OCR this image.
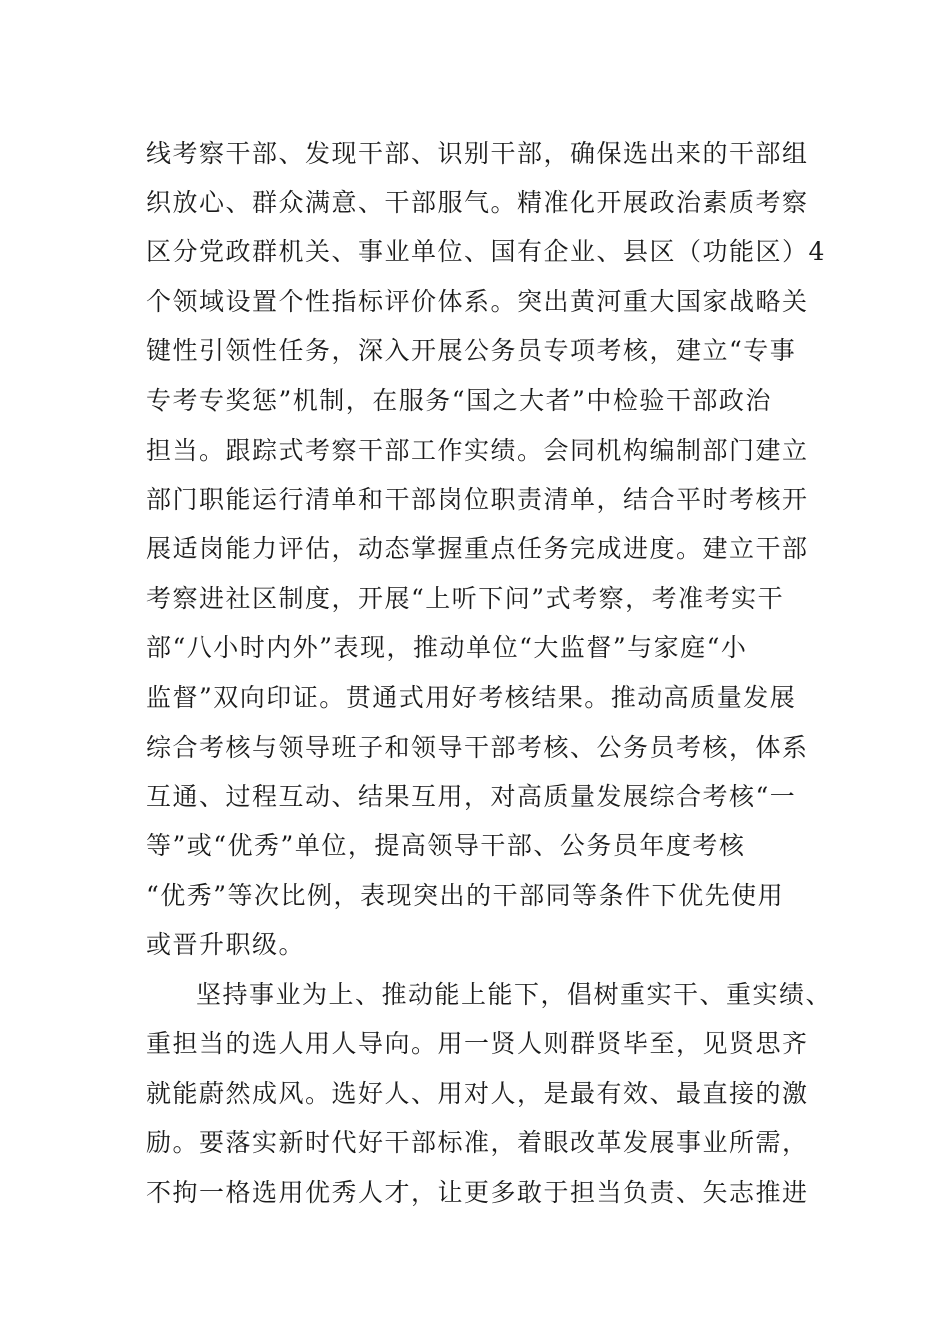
线考察干部、发现干部、识别干部，确保选出来的干部组
织放心、群众满意、干部服气。精准化开展政治素质考察
区分党政群机关、事业单位、国有企业、县区（功能区）4
个领域设置个性指标评价体系。突出黄河重大国家战略关
键性引领性任务，深入开展公务员专项考核，建立“专事
专考专奖惩”机制，在服务“国之大者”中检验干部政治
担当。跟踪式考察干部工作实绩。会同机构编制部门建立
部门职能运行清单和干部岗位职责清单，结合平时考核开
展适岗能力评估，动态掌握重点任务完成进度。建立干部
考察进社区制度，开展“上听下问”式考察，考准考实干
部“八小时内外”表现，推动单位“大监督”与家庭“小
监督”双向印证。贯通式用好考核结果。推动高质量发展
综合考核与领导班子和领导干部考核、公务员考核，体系
互通、过程互动、结果互用，对高质量发展综合考核“一
等”或“优秀”单位，提高领导干部、公务员年度考核
“优秀”等次比例，表现突出的干部同等条件下优先使用
或晋升职级。
坚持事业为上、推动能上能下，倡树重实干、重实绩、
重担当的选人用人导向。用一贤人则群贤毕至，见贤思齐
就能蔚然成风。选好人、用对人，是最有效、最直接的激
励。要落实新时代好干部标准，着眼改革发展事业所需，
不拘一格选用优秀人才，让更多敢于担当负责、矢志推进
